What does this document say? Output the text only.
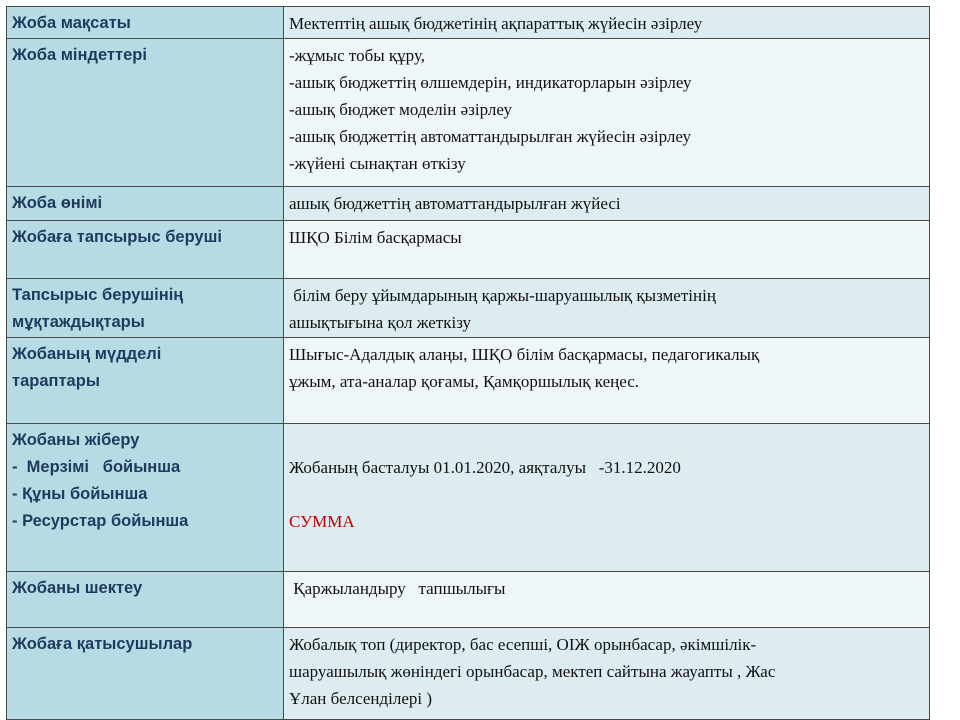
Жоба мақсаты	Мектептің ашық бюджетінің ақпараттық жүйесін әзірлеу

Жоба міндеттері	-жұмыс тобы құру,
-ашық бюджеттің өлшемдерін, индикаторларын әзірлеу
-ашық бюджет моделін әзірлеу
-ашық бюджеттің автоматтандырылған жүйесін әзірлеу
-жүйені сынақтан өткізу

Жоба өнімі	ашық бюджеттің автоматтандырылған жүйесі

Жобаға тапсырыс беруші	ШҚО Білім басқармасы

Тапсырыс берушінің
мұқтаждықтары	білім беру ұйымдарының қаржы-шаруашылық қызметінің
ашықтығына қол жеткізу

Жобаның мүдделі
тараптары	Шығыс-Адалдық алаңы, ШҚО білім басқармасы, педагогикалық
ұжым, ата-аналар қоғамы, Қамқоршылық кеңес.

Жобаны жіберу
-  Мерзімі   бойынша
- Құны бойынша
- Ресурстар бойынша	Жобаның басталуы 01.01.2020, аяқталуы   -31.12.2020

СУММА

Жобаны шектеу	Қаржыландыру   тапшылығы

Жобаға қатысушылар	Жобалық топ (директор, бас есепші, ОІЖ орынбасар, әкімшілік-
шаруашылық жөніндегі орынбасар, мектеп сайтына жауапты , Жас
Ұлан белсенділері )
